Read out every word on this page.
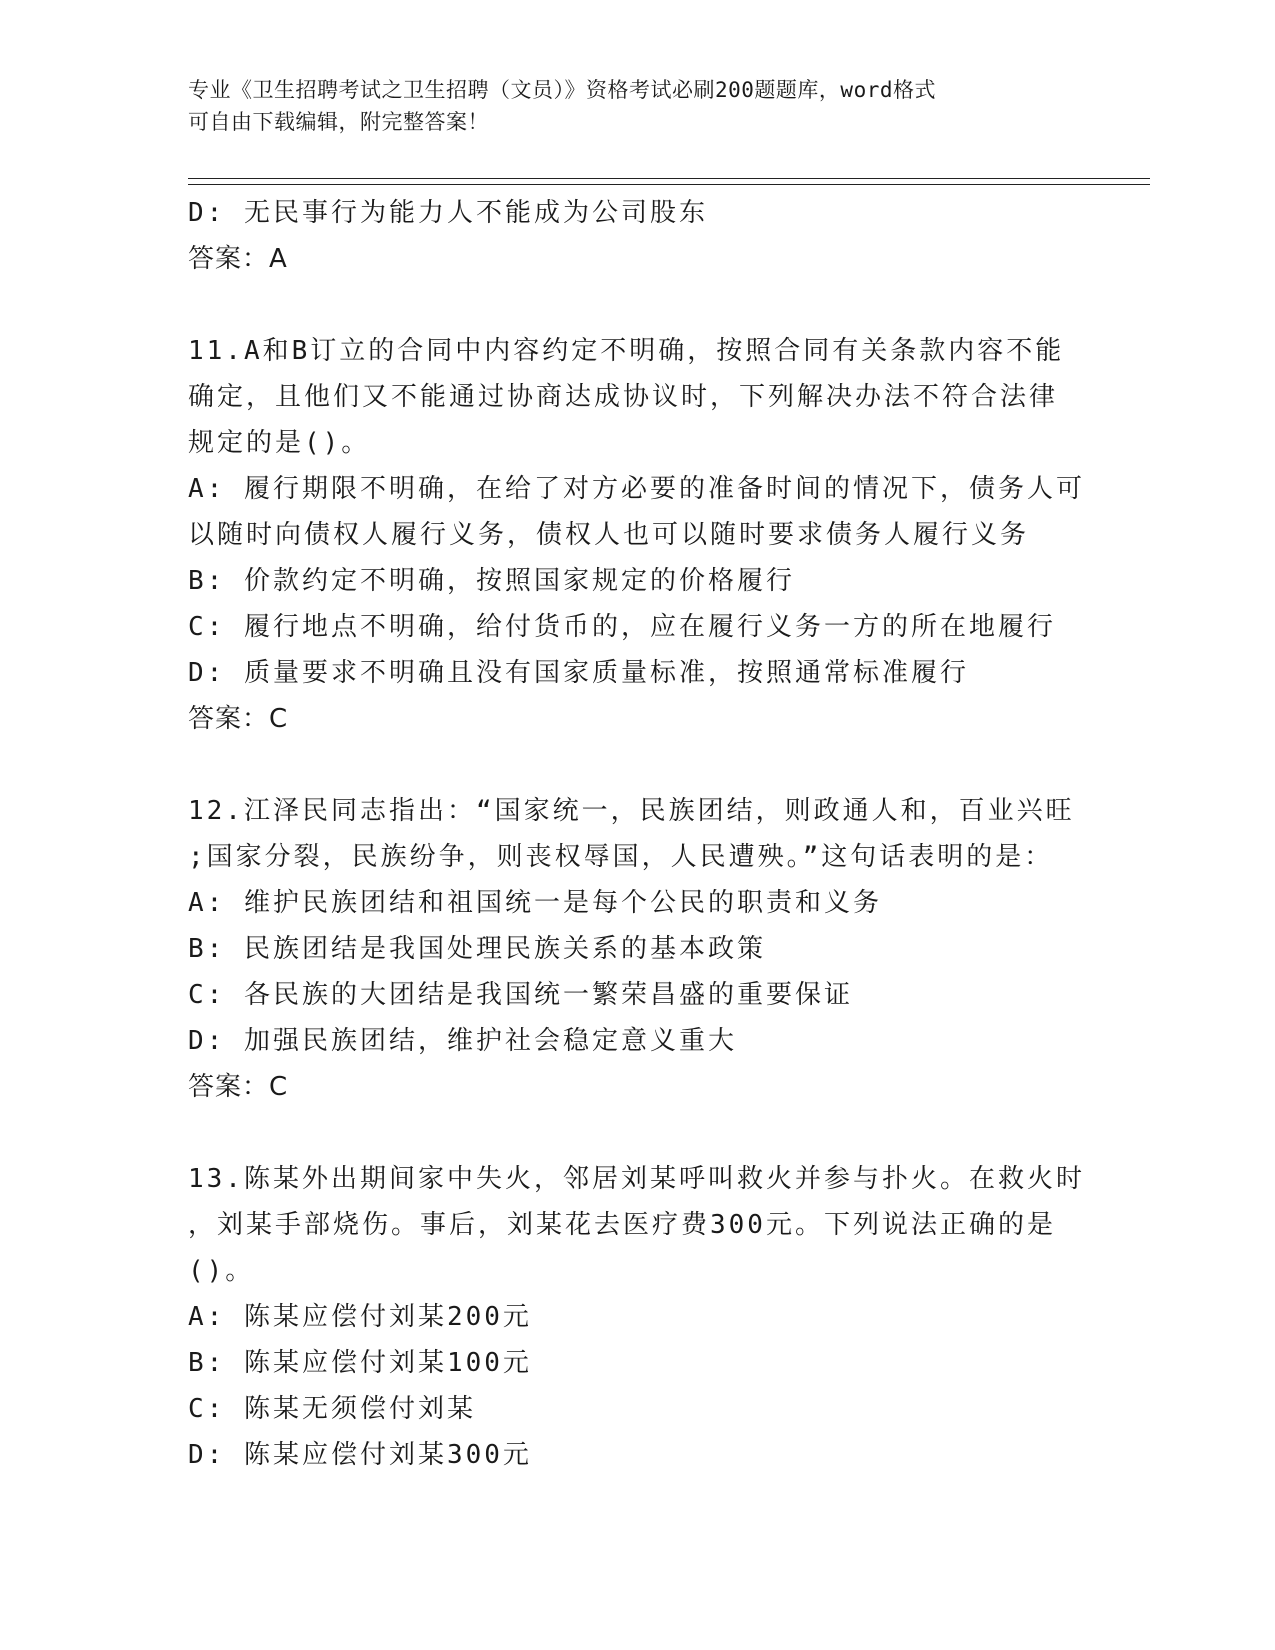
专业《卫生招聘考试之卫生招聘（文员）》资格考试必刷200题题库，word格式
可自由下载编辑，附完整答案！
D: 无民事行为能力人不能成为公司股东
答案：A
11.A和B订立的合同中内容约定不明确，按照合同有关条款内容不能
确定，且他们又不能通过协商达成协议时，下列解决办法不符合法律
规定的是()。
A: 履行期限不明确，在给了对方必要的准备时间的情况下，债务人可
以随时向债权人履行义务，债权人也可以随时要求债务人履行义务
B: 价款约定不明确，按照国家规定的价格履行
C: 履行地点不明确，给付货币的，应在履行义务一方的所在地履行
D: 质量要求不明确且没有国家质量标准，按照通常标准履行
答案：C
12.江泽民同志指出：“国家统一，民族团结，则政通人和，百业兴旺
;国家分裂，民族纷争，则丧权辱国，人民遭殃。”这句话表明的是：
A: 维护民族团结和祖国统一是每个公民的职责和义务
B: 民族团结是我国处理民族关系的基本政策
C: 各民族的大团结是我国统一繁荣昌盛的重要保证
D: 加强民族团结，维护社会稳定意义重大
答案：C
13.陈某外出期间家中失火，邻居刘某呼叫救火并参与扑火。在救火时
，刘某手部烧伤。事后，刘某花去医疗费300元。下列说法正确的是
()。
A: 陈某应偿付刘某200元
B: 陈某应偿付刘某100元
C: 陈某无须偿付刘某
D: 陈某应偿付刘某300元
